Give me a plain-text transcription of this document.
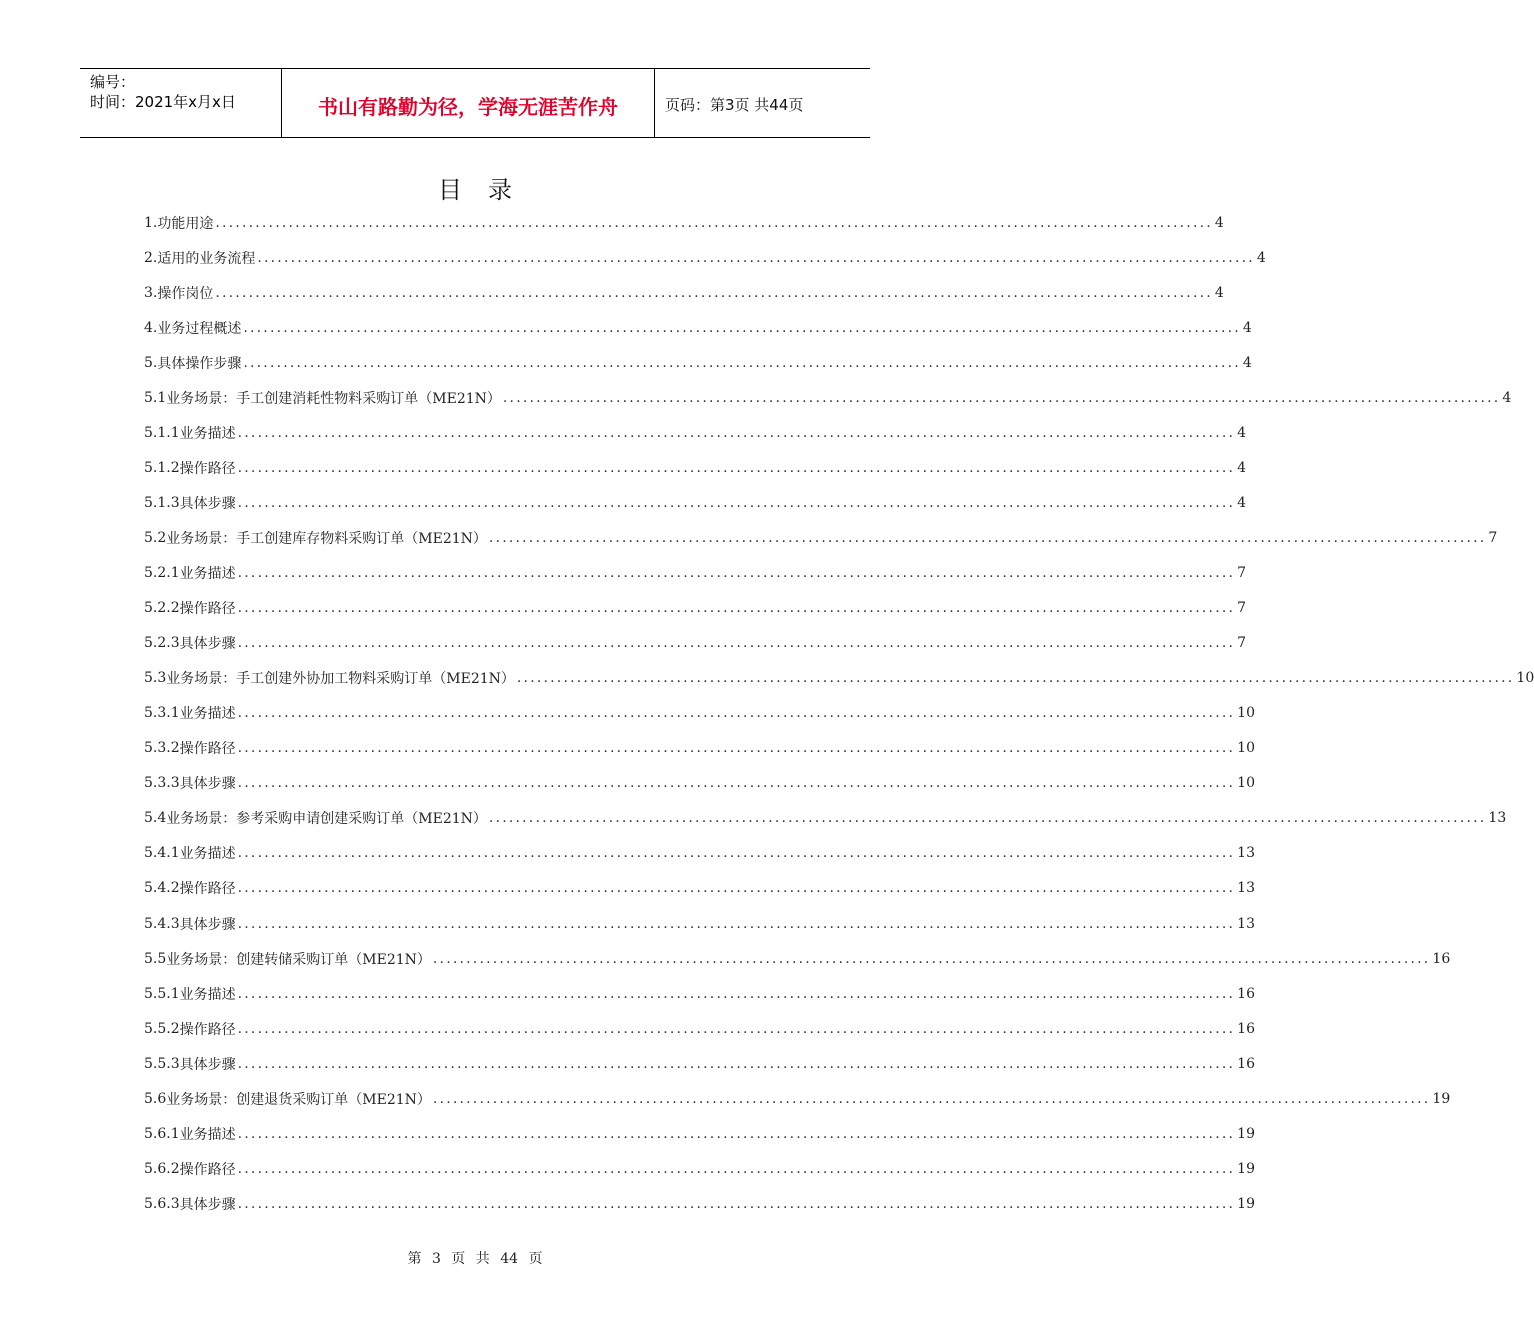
编号：
时间：2021年x月x日	书山有路勤为径，学海无涯苦作舟	页码：第3页 共44页
目录
1. 功能用途 ...................................................................................................................................................... 4
2. 适用的业务流程 ...................................................................................................................................................... 4
3. 操作岗位 ...................................................................................................................................................... 4
4. 业务过程概述 ...................................................................................................................................................... 4
5. 具体操作步骤 ...................................................................................................................................................... 4
5.1 业务场景：手工创建消耗性物料采购订单（ME21N） ...................................................................................................................................................... 4
5.1.1 业务描述 ...................................................................................................................................................... 4
5.1.2 操作路径 ...................................................................................................................................................... 4
5.1.3 具体步骤 ...................................................................................................................................................... 4
5.2 业务场景：手工创建库存物料采购订单（ME21N） ...................................................................................................................................................... 7
5.2.1 业务描述 ...................................................................................................................................................... 7
5.2.2 操作路径 ...................................................................................................................................................... 7
5.2.3 具体步骤 ...................................................................................................................................................... 7
5.3 业务场景：手工创建外协加工物料采购订单（ME21N） ...................................................................................................................................................... 10
5.3.1 业务描述 ...................................................................................................................................................... 10
5.3.2 操作路径 ...................................................................................................................................................... 10
5.3.3 具体步骤 ...................................................................................................................................................... 10
5.4 业务场景：参考采购申请创建采购订单（ME21N） ...................................................................................................................................................... 13
5.4.1 业务描述 ...................................................................................................................................................... 13
5.4.2 操作路径 ...................................................................................................................................................... 13
5.4.3 具体步骤 ...................................................................................................................................................... 13
5.5 业务场景：创建转储采购订单（ME21N） ...................................................................................................................................................... 16
5.5.1 业务描述 ...................................................................................................................................................... 16
5.5.2 操作路径 ...................................................................................................................................................... 16
5.5.3 具体步骤 ...................................................................................................................................................... 16
5.6 业务场景：创建退货采购订单（ME21N） ...................................................................................................................................................... 19
5.6.1 业务描述 ...................................................................................................................................................... 19
5.6.2 操作路径 ...................................................................................................................................................... 19
5.6.3 具体步骤 ...................................................................................................................................................... 19
第 3 页 共 44 页
